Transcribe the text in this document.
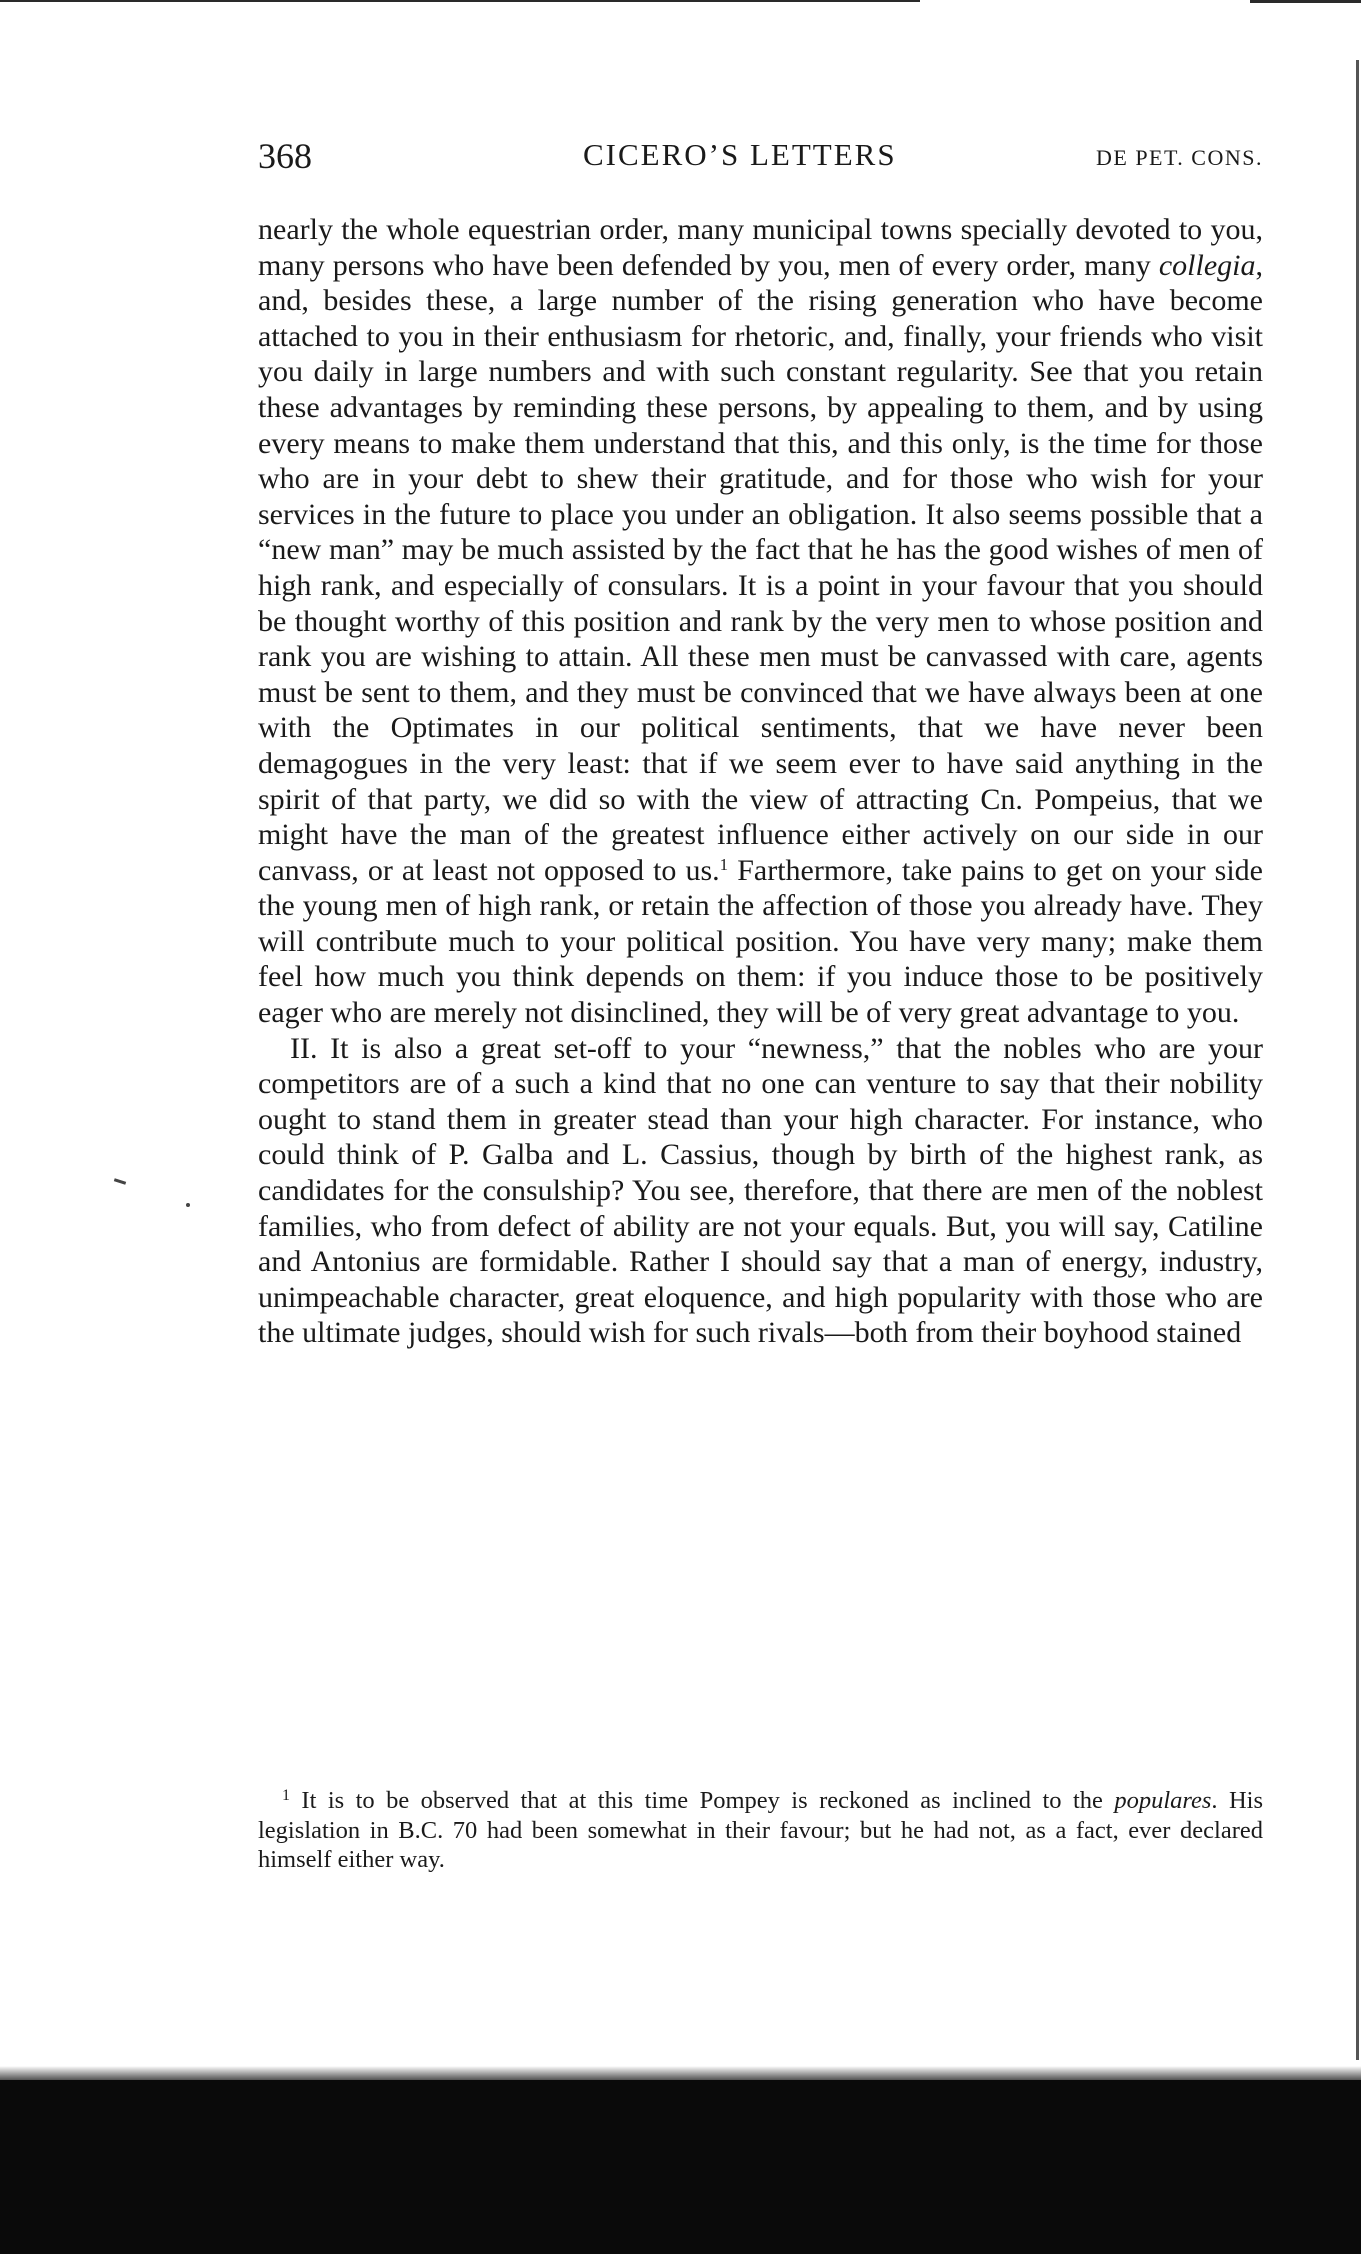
368	CICERO’S LETTERS	DE PET. CONS.

nearly the whole equestrian order, many municipal towns specially devoted to you, many persons who have been defended by you, men of every order, many collegia, and, besides these, a large number of the rising generation who have become attached to you in their enthusiasm for rhetoric, and, finally, your friends who visit you daily in large numbers and with such constant regularity. See that you retain these advantages by reminding these persons, by appealing to them, and by using every means to make them understand that this, and this only, is the time for those who are in your debt to shew their gratitude, and for those who wish for your services in the future to place you under an obligation. It also seems possible that a “new man” may be much assisted by the fact that he has the good wishes of men of high rank, and especially of consulars. It is a point in your favour that you should be thought worthy of this position and rank by the very men to whose position and rank you are wishing to attain. All these men must be canvassed with care, agents must be sent to them, and they must be convinced that we have always been at one with the Optimates in our political sentiments, that we have never been demagogues in the very least: that if we seem ever to have said anything in the spirit of that party, we did so with the view of attracting Cn. Pompeius, that we might have the man of the greatest influence either actively on our side in our canvass, or at least not opposed to us.$^1$ Farthermore, take pains to get on your side the young men of high rank, or retain the affection of those you already have. They will contribute much to your political position. You have very many; make them feel how much you think depends on them: if you induce those to be positively eager who are merely not disinclined, they will be of very great advantage to you.

II. It is also a great set-off to your “newness,” that the nobles who are your competitors are of a such a kind that no one can venture to say that their nobility ought to stand them in greater stead than your high character. For instance, who could think of P. Galba and L. Cassius, though by birth of the highest rank, as candidates for the consulship? You see, therefore, that there are men of the noblest families, who from defect of ability are not your equals. But, you will say, Catiline and Antonius are formidable. Rather I should say that a man of energy, industry, unimpeachable character, great eloquence, and high popularity with those who are the ultimate judges, should wish for such rivals—both from their boyhood stained

$^1$ It is to be observed that at this time Pompey is reckoned as inclined to the populares. His legislation in B.C. 70 had been somewhat in their favour; but he had not, as a fact, ever declared himself either way.
